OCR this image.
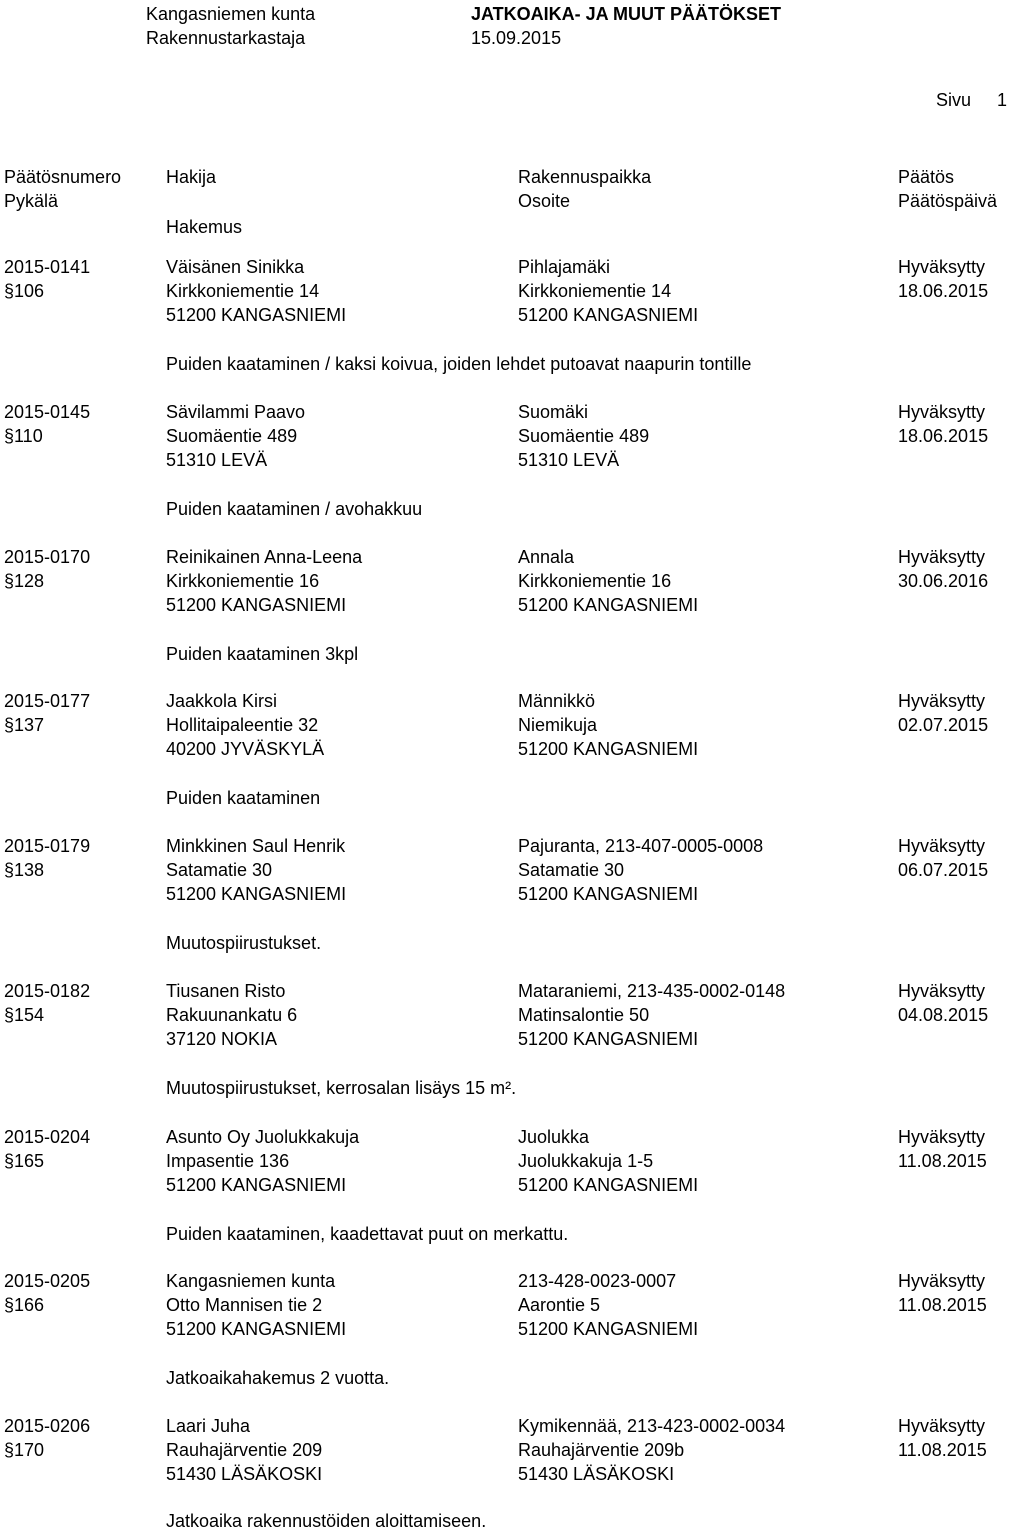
Kangasniemen kunta
Rakennustarkastaja
JATKOAIKA- JA MUUT PÄÄTÖKSET
15.09.2015
Sivu 1
Päätösnumero
Pykälä
Hakija
Hakemus
Rakennuspaikka
Osoite
Päätös
Päätöspäivä
2015-0141
§106
Väisänen Sinikka
Kirkkoniementie 14
51200 KANGASNIEMI
Pihlajamäki
Kirkkoniementie 14
51200 KANGASNIEMI
Hyväksytty
18.06.2015
Puiden kaataminen / kaksi koivua, joiden lehdet putoavat naapurin tontille
2015-0145
§110
Sävilammi Paavo
Suomäentie 489
51310 LEVÄ
Suomäki
Suomäentie 489
51310 LEVÄ
Hyväksytty
18.06.2015
Puiden kaataminen / avohakkuu
2015-0170
§128
Reinikainen Anna-Leena
Kirkkoniementie 16
51200 KANGASNIEMI
Annala
Kirkkoniementie 16
51200 KANGASNIEMI
Hyväksytty
30.06.2016
Puiden kaataminen 3kpl
2015-0177
§137
Jaakkola Kirsi
Hollitaipaleentie 32
40200 JYVÄSKYLÄ
Männikkö
Niemikuja
51200 KANGASNIEMI
Hyväksytty
02.07.2015
Puiden kaataminen
2015-0179
§138
Minkkinen Saul Henrik
Satamatie 30
51200 KANGASNIEMI
Pajuranta, 213-407-0005-0008
Satamatie 30
51200 KANGASNIEMI
Hyväksytty
06.07.2015
Muutospiirustukset.
2015-0182
§154
Tiusanen Risto
Rakuunankatu 6
37120 NOKIA
Mataraniemi, 213-435-0002-0148
Matinsalontie 50
51200 KANGASNIEMI
Hyväksytty
04.08.2015
Muutospiirustukset, kerrosalan lisäys 15 m².
2015-0204
§165
Asunto Oy Juolukkakuja
Impasentie 136
51200 KANGASNIEMI
Juolukka
Juolukkakuja 1-5
51200 KANGASNIEMI
Hyväksytty
11.08.2015
Puiden kaataminen, kaadettavat puut on merkattu.
2015-0205
§166
Kangasniemen kunta
Otto Mannisen tie 2
51200 KANGASNIEMI
213-428-0023-0007
Aarontie 5
51200 KANGASNIEMI
Hyväksytty
11.08.2015
Jatkoaikahakemus 2 vuotta.
2015-0206
§170
Laari Juha
Rauhajärventie 209
51430 LÄSÄKOSKI
Kymikennää, 213-423-0002-0034
Rauhajärventie 209b
51430 LÄSÄKOSKI
Hyväksytty
11.08.2015
Jatkoaika rakennustöiden aloittamiseen.
